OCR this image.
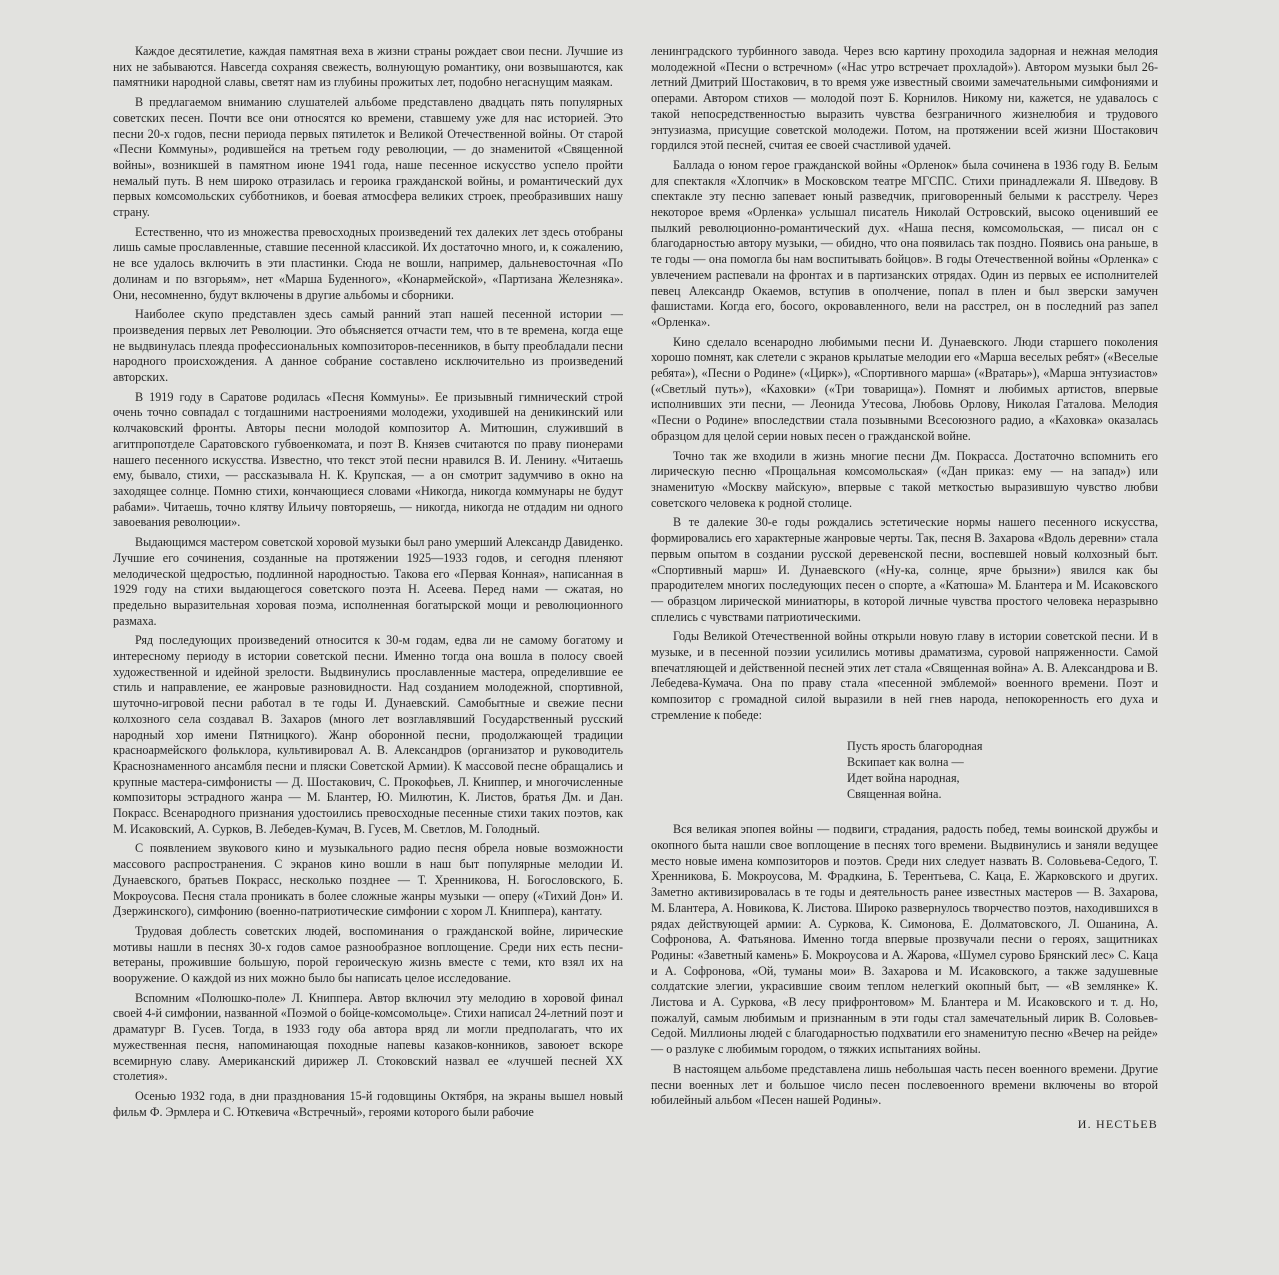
Каждое десятилетие, каждая памятная веха в жизни страны рождает свои песни. Лучшие из них не забываются. Навсегда сохраняя свежесть, волнующую романтику, они возвышаются, как памятники народной славы, светят нам из глубины прожитых лет, подобно негаснущим маякам.

В предлагаемом вниманию слушателей альбоме представлено двадцать пять популярных советских песен. Почти все они относятся ко времени, ставшему уже для нас историей. Это песни 20-х годов, песни периода первых пятилеток и Великой Отечественной войны. От старой «Песни Коммуны», родившейся на третьем году революции, — до знаменитой «Священной войны», возникшей в памятном июне 1941 года, наше песенное искусство успело пройти немалый путь. В нем широко отразилась и героика гражданской войны, и романтический дух первых комсомольских субботников, и боевая атмосфера великих строек, преобразивших нашу страну.

Естественно, что из множества превосходных произведений тех далеких лет здесь отобраны лишь самые прославленные, ставшие песенной классикой. Их достаточно много, и, к сожалению, не все удалось включить в эти пластинки. Сюда не вошли, например, дальневосточная «По долинам и по взгорьям», нет «Марша Буденного», «Конармейской», «Партизана Железняка». Они, несомненно, будут включены в другие альбомы и сборники.

Наиболее скупо представлен здесь самый ранний этап нашей песенной истории — произведения первых лет Революции. Это объясняется отчасти тем, что в те времена, когда еще не выдвинулась плеяда профессиональных композиторов-песенников, в быту преобладали песни народного происхождения. А данное собрание составлено исключительно из произведений авторских.

В 1919 году в Саратове родилась «Песня Коммуны». Ее призывный гимнический строй очень точно совпадал с тогдашними настроениями молодежи, уходившей на деникинский или колчаковский фронты. Авторы песни молодой композитор А. Митюшин, служивший в агитпропотделе Саратовского губвоенкомата, и поэт В. Князев считаются по праву пионерами нашего песенного искусства. Известно, что текст этой песни нравился В. И. Ленину. «Читаешь ему, бывало, стихи, — рассказывала Н. К. Крупская, — а он смотрит задумчиво в окно на заходящее солнце. Помню стихи, кончающиеся словами «Никогда, никогда коммунары не будут рабами». Читаешь, точно клятву Ильичу повторяешь, — никогда, никогда не отдадим ни одного завоевания революции».

Выдающимся мастером советской хоровой музыки был рано умерший Александр Давиденко. Лучшие его сочинения, созданные на протяжении 1925—1933 годов, и сегодня пленяют мелодической щедростью, подлинной народностью. Такова его «Первая Конная», написанная в 1929 году на стихи выдающегося советского поэта Н. Асеева. Перед нами — сжатая, но предельно выразительная хоровая поэма, исполненная богатырской мощи и революционного размаха.

Ряд последующих произведений относится к 30-м годам, едва ли не самому богатому и интересному периоду в истории советской песни. Именно тогда она вошла в полосу своей художественной и идейной зрелости. Выдвинулись прославленные мастера, определившие ее стиль и направление, ее жанровые разновидности. Над созданием молодежной, спортивной, шуточно-игровой песни работал в те годы И. Дунаевский. Самобытные и свежие песни колхозного села создавал В. Захаров (много лет возглавлявший Государственный русский народный хор имени Пятницкого). Жанр оборонной песни, продолжающей традиции красноармейского фольклора, культивировал А. В. Александров (организатор и руководитель Краснознаменного ансамбля песни и пляски Советской Армии). К массовой песне обращались и крупные мастера-симфонисты — Д. Шостакович, С. Прокофьев, Л. Книппер, и многочисленные композиторы эстрадного жанра — М. Блантер, Ю. Милютин, К. Листов, братья Дм. и Дан. Покрасс. Всенародного признания удостоились превосходные песенные стихи таких поэтов, как М. Исаковский, А. Сурков, В. Лебедев-Кумач, В. Гусев, М. Светлов, М. Голодный.

С появлением звукового кино и музыкального радио песня обрела новые возможности массового распространения. С экранов кино вошли в наш быт популярные мелодии И. Дунаевского, братьев Покрасс, несколько позднее — Т. Хренникова, Н. Богословского, Б. Мокроусова. Песня стала проникать в более сложные жанры музыки — оперу («Тихий Дон» И. Дзержинского), симфонию (военно-патриотические симфонии с хором Л. Книппера), кантату.

Трудовая доблесть советских людей, воспоминания о гражданской войне, лирические мотивы нашли в песнях 30-х годов самое разнообразное воплощение. Среди них есть песни-ветераны, прожившие большую, порой героическую жизнь вместе с теми, кто взял их на вооружение. О каждой из них можно было бы написать целое исследование.

Вспомним «Полюшко-поле» Л. Книппера. Автор включил эту мелодию в хоровой финал своей 4-й симфонии, названной «Поэмой о бойце-комсомольце». Стихи написал 24-летний поэт и драматург В. Гусев. Тогда, в 1933 году оба автора вряд ли могли предполагать, что их мужественная песня, напоминающая походные напевы казаков-конников, завоюет вскоре всемирную славу. Американский дирижер Л. Стоковский назвал ее «лучшей песней XX столетия».

Осенью 1932 года, в дни празднования 15-й годовщины Октября, на экраны вышел новый фильм Ф. Эрмлера и С. Юткевича «Встречный», героями которого были рабочие

ленинградского турбинного завода. Через всю картину проходила задорная и нежная мелодия молодежной «Песни о встречном» («Нас утро встречает прохладой»). Автором музыки был 26-летний Дмитрий Шостакович, в то время уже известный своими замечательными симфониями и операми. Автором стихов — молодой поэт Б. Корнилов. Никому ни, кажется, не удавалось с такой непосредственностью выразить чувства безграничного жизнелюбия и трудового энтузиазма, присущие советской молодежи. Потом, на протяжении всей жизни Шостакович гордился этой песней, считая ее своей счастливой удачей.

Баллада о юном герое гражданской войны «Орленок» была сочинена в 1936 году В. Белым для спектакля «Хлопчик» в Московском театре МГСПС. Стихи принадлежали Я. Шведову. В спектакле эту песню запевает юный разведчик, приговоренный белыми к расстрелу. Через некоторое время «Орленка» услышал писатель Николай Островский, высоко оценивший ее пылкий революционно-романтический дух. «Наша песня, комсомольская, — писал он с благодарностью автору музыки, — обидно, что она появилась так поздно. Появись она раньше, в те годы — она помогла бы нам воспитывать бойцов». В годы Отечественной войны «Орленка» с увлечением распевали на фронтах и в партизанских отрядах. Один из первых ее исполнителей певец Александр Окаемов, вступив в ополчение, попал в плен и был зверски замучен фашистами. Когда его, босого, окровавленного, вели на расстрел, он в последний раз запел «Орленка».

Кино сделало всенародно любимыми песни И. Дунаевского. Люди старшего поколения хорошо помнят, как слетели с экранов крылатые мелодии его «Марша веселых ребят» («Веселые ребята»), «Песни о Родине» («Цирк»), «Спортивного марша» («Вратарь»), «Марша энтузиастов» («Светлый путь»), «Каховки» («Три товарища»). Помнят и любимых артистов, впервые исполнивших эти песни, — Леонида Утесова, Любовь Орлову, Николая Гаталова. Мелодия «Песни о Родине» впоследствии стала позывными Всесоюзного радио, а «Каховка» оказалась образцом для целой серии новых песен о гражданской войне.

Точно так же входили в жизнь многие песни Дм. Покрасса. Достаточно вспомнить его лирическую песню «Прощальная комсомольская» («Дан приказ: ему — на запад») или знаменитую «Москву майскую», впервые с такой меткостью выразившую чувство любви советского человека к родной столице.

В те далекие 30-е годы рождались эстетические нормы нашего песенного искусства, формировались его характерные жанровые черты. Так, песня В. Захарова «Вдоль деревни» стала первым опытом в создании русской деревенской песни, воспевшей новый колхозный быт. «Спортивный марш» И. Дунаевского («Ну-ка, солнце, ярче брызни») явился как бы прародителем многих последующих песен о спорте, а «Катюша» М. Блантера и М. Исаковского — образцом лирической миниатюры, в которой личные чувства простого человека неразрывно сплелись с чувствами патриотическими.

Годы Великой Отечественной войны открыли новую главу в истории советской песни. И в музыке, и в песенной поэзии усилились мотивы драматизма, суровой напряженности. Самой впечатляющей и действенной песней этих лет стала «Священная война» А. В. Александрова и В. Лебедева-Кумача. Она по праву стала «песенной эмблемой» военного времени. Поэт и композитор с громадной силой выразили в ней гнев народа, непокоренность его духа и стремление к победе:

Пусть ярость благородная
Вскипает как волна —
Идет война народная,
Священная война.

Вся великая эпопея войны — подвиги, страдания, радость побед, темы воинской дружбы и окопного быта нашли свое воплощение в песнях того времени. Выдвинулись и заняли ведущее место новые имена композиторов и поэтов. Среди них следует назвать В. Соловьева-Седого, Т. Хренникова, Б. Мокроусова, М. Фрадкина, Б. Терентьева, С. Каца, Е. Жарковского и других. Заметно активизировалась в те годы и деятельность ранее известных мастеров — В. Захарова, М. Блантера, А. Новикова, К. Листова. Широко развернулось творчество поэтов, находившихся в рядах действующей армии: А. Суркова, К. Симонова, Е. Долматовского, Л. Ошанина, А. Софронова, А. Фатьянова. Именно тогда впервые прозвучали песни о героях, защитниках Родины: «Заветный камень» Б. Мокроусова и А. Жарова, «Шумел сурово Брянский лес» С. Каца и А. Софронова, «Ой, туманы мои» В. Захарова и М. Исаковского, а также задушевные солдатские элегии, украсившие своим теплом нелегкий окопный быт, — «В землянке» К. Листова и А. Суркова, «В лесу прифронтовом» М. Блантера и М. Исаковского и т. д. Но, пожалуй, самым любимым и признанным в эти годы стал замечательный лирик В. Соловьев-Седой. Миллионы людей с благодарностью подхватили его знаменитую песню «Вечер на рейде» — о разлуке с любимым городом, о тяжких испытаниях войны.

В настоящем альбоме представлена лишь небольшая часть песен военного времени. Другие песни военных лет и большое число песен послевоенного времени включены во второй юбилейный альбом «Песен нашей Родины».

И. НЕСТЬЕВ
